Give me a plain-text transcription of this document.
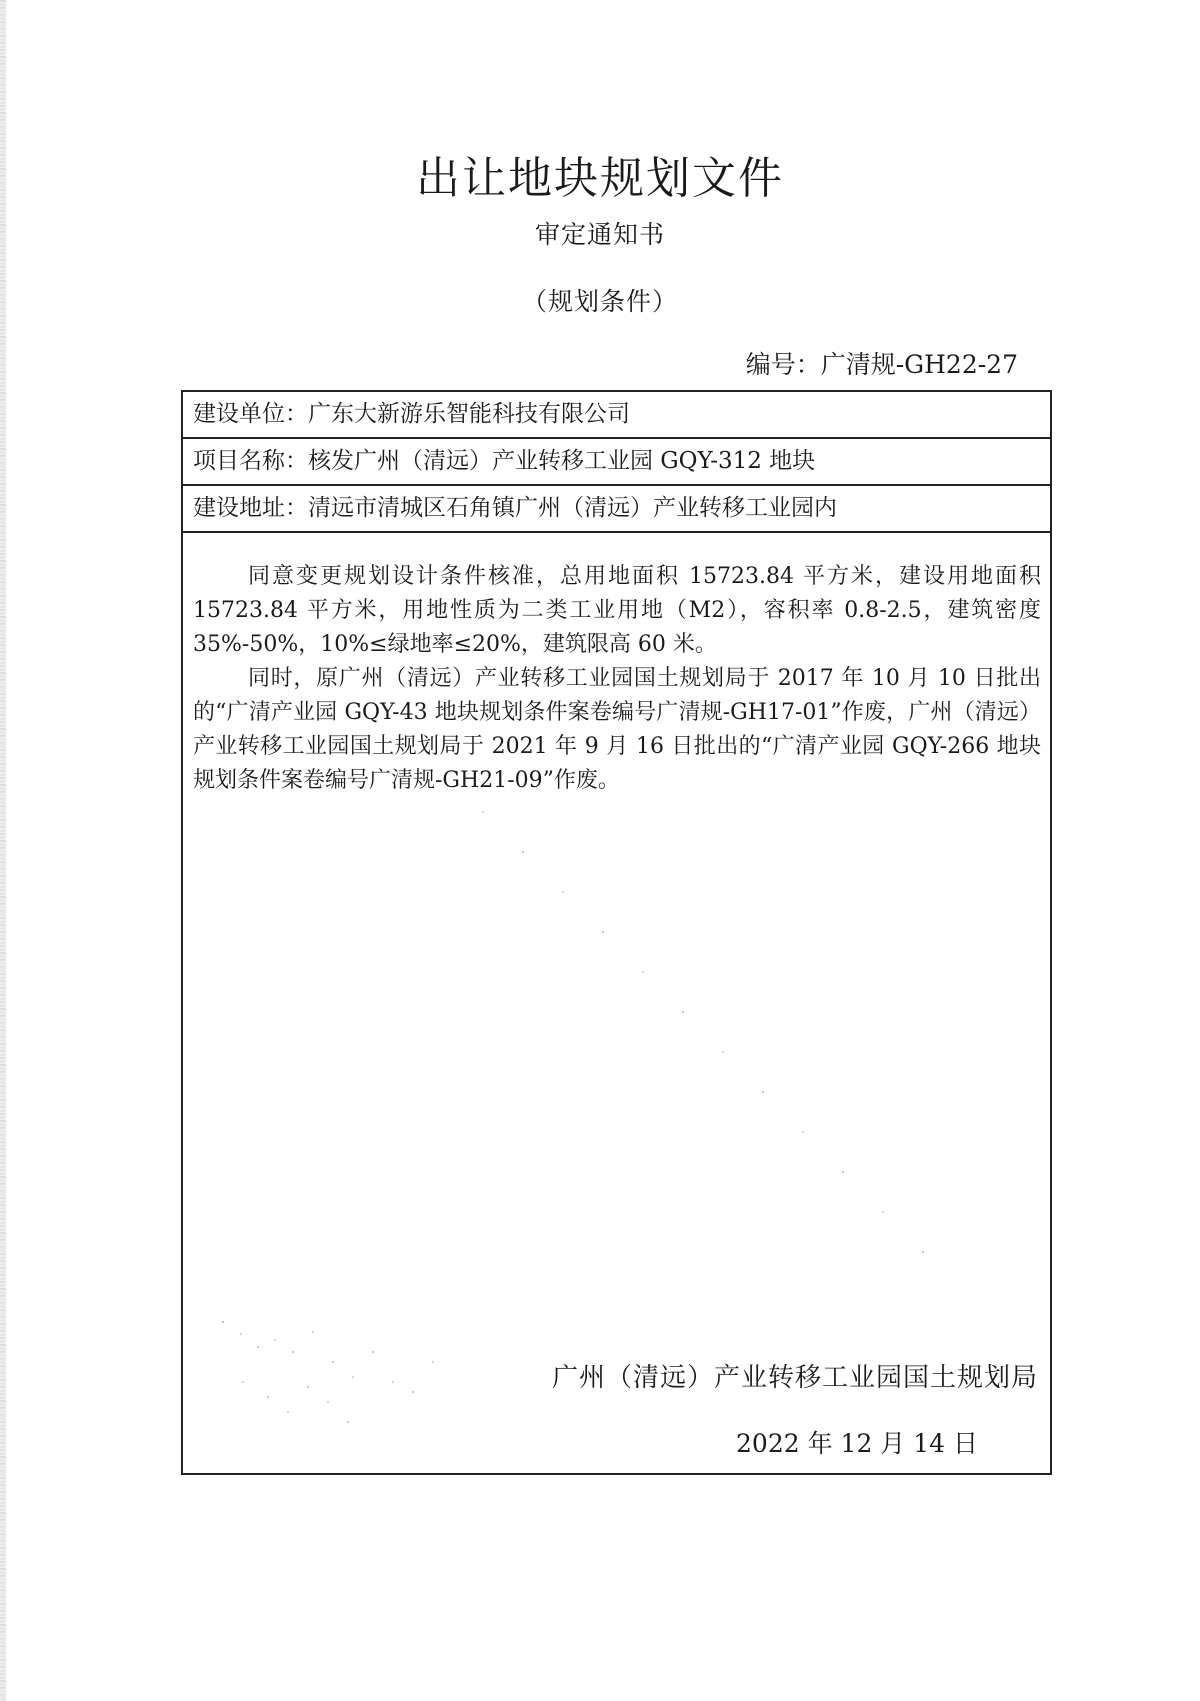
出让地块规划文件
审定通知书
（规划条件）
编号：广清规-GH22-27
建设单位：广东大新游乐智能科技有限公司
项目名称：核发广州（清远）产业转移工业园 GQY-312 地块
建设地址：清远市清城区石角镇广州（清远）产业转移工业园内

同意变更规划设计条件核准，总用地面积 15723.84 平方米，建设用地面积 15723.84 平方米，用地性质为二类工业用地（M2），容积率 0.8-2.5，建筑密度 35%-50%，10%≤绿地率≤20%，建筑限高 60 米。

同时，原广州（清远）产业转移工业园国土规划局于 2017 年 10 月 10 日批出的“广清产业园 GQY-43 地块规划条件案卷编号广清规-GH17-01”作废，广州（清远）产业转移工业园国土规划局于 2021 年 9 月 16 日批出的“广清产业园 GQY-266 地块规划条件案卷编号广清规-GH21-09”作废。

广州（清远）产业转移工业园国土规划局
2022 年 12 月 14 日
